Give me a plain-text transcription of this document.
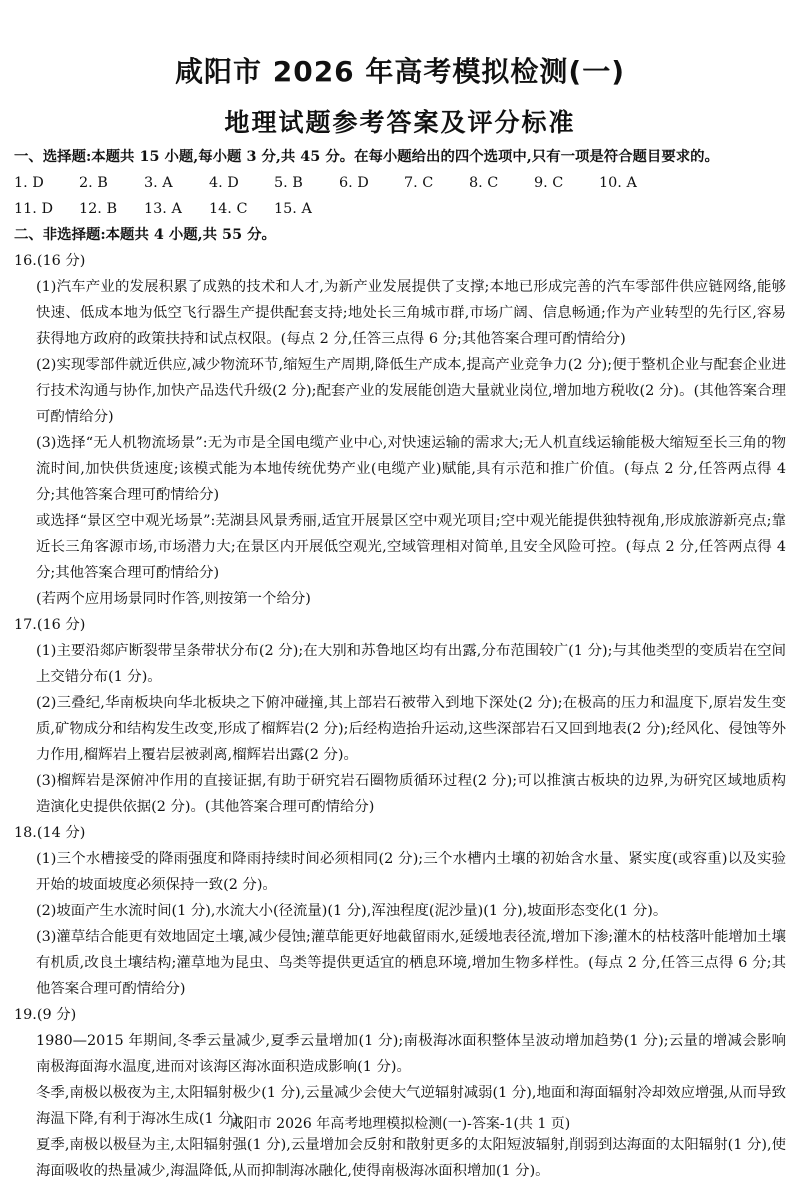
咸阳市 2026 年高考模拟检测(一)
地理试题参考答案及评分标准
一、选择题:本题共 15 小题,每小题 3 分,共 45 分。在每小题给出的四个选项中,只有一项是符合题目要求的。
1. D	2. B	3. A	4. D	5. B	6. D	7. C	8. C	9. C	10. A
11. D	12. B	13. A	14. C	15. A
二、非选择题:本题共 4 小题,共 55 分。
16.(16 分)
(1)汽车产业的发展积累了成熟的技术和人才,为新产业发展提供了支撑;本地已形成完善的汽车零部件供应链网络,能够快速、低成本地为低空飞行器生产提供配套支持;地处长三角城市群,市场广阔、信息畅通;作为产业转型的先行区,容易获得地方政府的政策扶持和试点权限。(每点 2 分,任答三点得 6 分;其他答案合理可酌情给分)
(2)实现零部件就近供应,减少物流环节,缩短生产周期,降低生产成本,提高产业竞争力(2 分);便于整机企业与配套企业进行技术沟通与协作,加快产品迭代升级(2 分);配套产业的发展能创造大量就业岗位,增加地方税收(2 分)。(其他答案合理可酌情给分)
(3)选择“无人机物流场景”:无为市是全国电缆产业中心,对快速运输的需求大;无人机直线运输能极大缩短至长三角的物流时间,加快供货速度;该模式能为本地传统优势产业(电缆产业)赋能,具有示范和推广价值。(每点 2 分,任答两点得 4 分;其他答案合理可酌情给分)
或选择“景区空中观光场景”:芜湖县风景秀丽,适宜开展景区空中观光项目;空中观光能提供独特视角,形成旅游新亮点;靠近长三角客源市场,市场潜力大;在景区内开展低空观光,空域管理相对简单,且安全风险可控。(每点 2 分,任答两点得 4 分;其他答案合理可酌情给分)
(若两个应用场景同时作答,则按第一个给分)
17.(16 分)
(1)主要沿郯庐断裂带呈条带状分布(2 分);在大别和苏鲁地区均有出露,分布范围较广(1 分);与其他类型的变质岩在空间上交错分布(1 分)。
(2)三叠纪,华南板块向华北板块之下俯冲碰撞,其上部岩石被带入到地下深处(2 分);在极高的压力和温度下,原岩发生变质,矿物成分和结构发生改变,形成了榴辉岩(2 分);后经构造抬升运动,这些深部岩石又回到地表(2 分);经风化、侵蚀等外力作用,榴辉岩上覆岩层被剥离,榴辉岩出露(2 分)。
(3)榴辉岩是深俯冲作用的直接证据,有助于研究岩石圈物质循环过程(2 分);可以推演古板块的边界,为研究区域地质构造演化史提供依据(2 分)。(其他答案合理可酌情给分)
18.(14 分)
(1)三个水槽接受的降雨强度和降雨持续时间必须相同(2 分);三个水槽内土壤的初始含水量、紧实度(或容重)以及实验开始的坡面坡度必须保持一致(2 分)。
(2)坡面产生水流时间(1 分),水流大小(径流量)(1 分),浑浊程度(泥沙量)(1 分),坡面形态变化(1 分)。
(3)灌草结合能更有效地固定土壤,减少侵蚀;灌草能更好地截留雨水,延缓地表径流,增加下渗;灌木的枯枝落叶能增加土壤有机质,改良土壤结构;灌草地为昆虫、鸟类等提供更适宜的栖息环境,增加生物多样性。(每点 2 分,任答三点得 6 分;其他答案合理可酌情给分)
19.(9 分)
1980—2015 年期间,冬季云量减少,夏季云量增加(1 分);南极海冰面积整体呈波动增加趋势(1 分);云量的增减会影响南极海面海水温度,进而对该海区海冰面积造成影响(1 分)。
冬季,南极以极夜为主,太阳辐射极少(1 分),云量减少会使大气逆辐射减弱(1 分),地面和海面辐射冷却效应增强,从而导致海温下降,有利于海冰生成(1 分);
夏季,南极以极昼为主,太阳辐射强(1 分),云量增加会反射和散射更多的太阳短波辐射,削弱到达海面的太阳辐射(1 分),使海面吸收的热量减少,海温降低,从而抑制海冰融化,使得南极海冰面积增加(1 分)。
咸阳市 2026 年高考地理模拟检测(一)-答案-1(共 1 页)
